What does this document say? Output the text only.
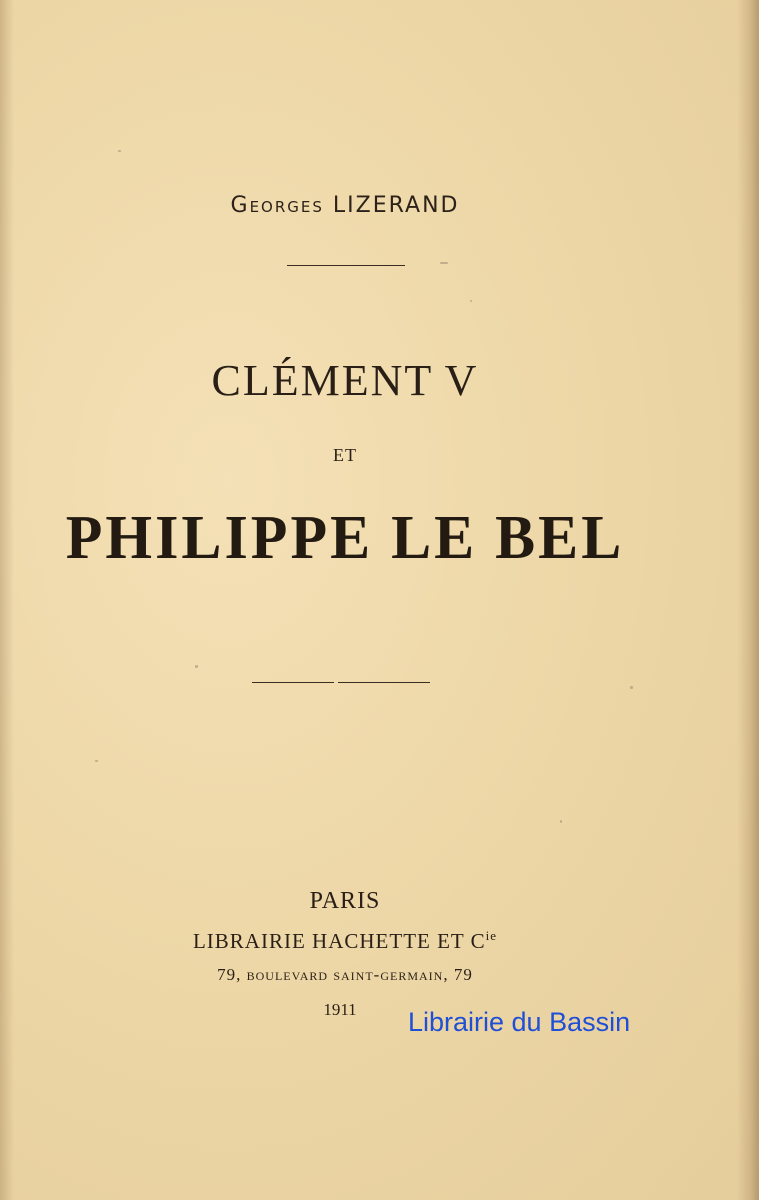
Georges LIZERAND
CLÉMENT V
ET
PHILIPPE LE BEL
PARIS
LIBRAIRIE HACHETTE ET $C^{ie}$
79, boulevard saint-germain, 79
1911	Librairie du Bassin
